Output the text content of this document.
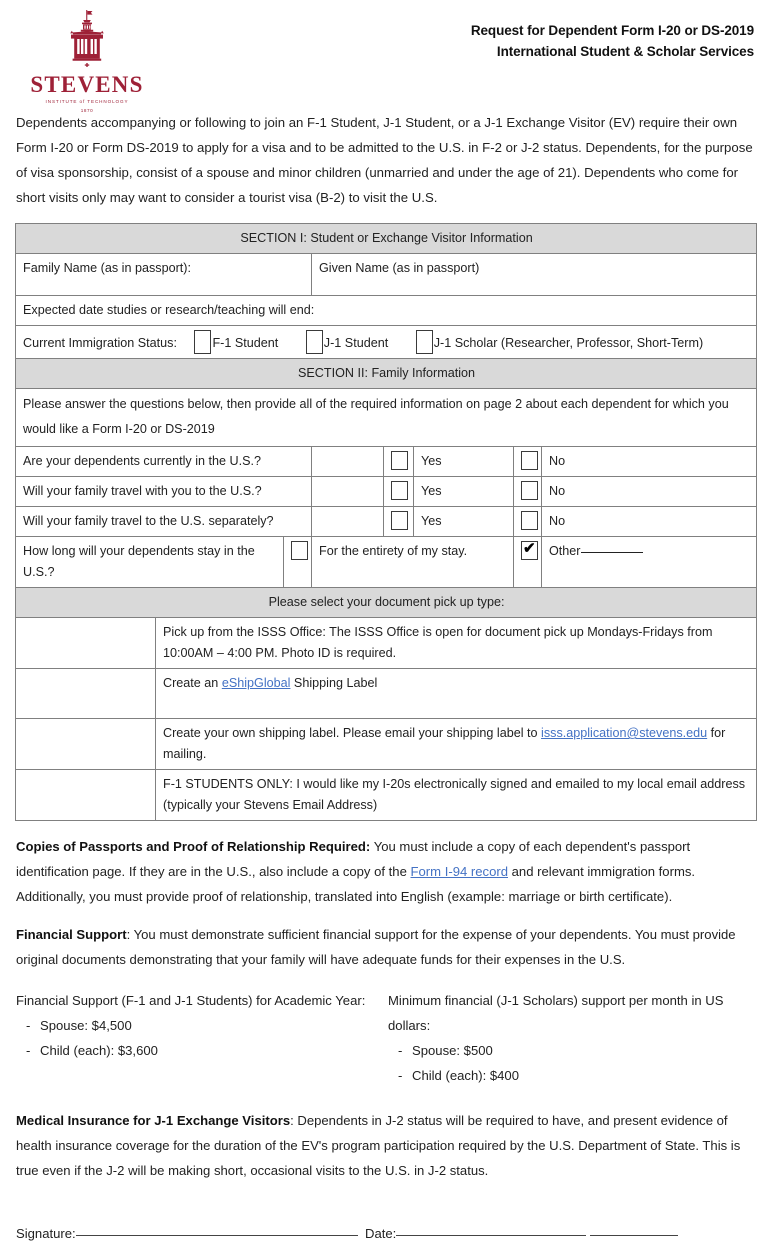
STEVENS
INSTITUTE of TECHNOLOGY
1870
Request for Dependent Form I-20 or DS-2019
International Student & Scholar Services
Dependents accompanying or following to join an F-1 Student, J-1 Student, or a J-1 Exchange Visitor (EV) require their own Form I-20 or Form DS-2019 to apply for a visa and to be admitted to the U.S. in F-2 or J-2 status. Dependents, for the purpose of visa sponsorship, consist of a spouse and minor children (unmarried and under the age of 21). Dependents who come for short visits only may want to consider a tourist visa (B-2) to visit the U.S.
SECTION I: Student or Exchange Visitor Information							
Family Name (as in passport):			Given Name (as in passport)				
Expected date studies or research/teaching will end:							
Current Immigration Status: F-1 Student J-1 Student J-1 Scholar (Researcher, Professor, Short-Term)							
SECTION II: Family Information							
Please answer the questions below, then provide all of the required information on page 2 about each dependent for which you would like a Form I-20 or DS-2019							
Are your dependents currently in the U.S.?					Yes		No
Will your family travel with you to the U.S.?					Yes		No
Will your family travel to the U.S. separately?					Yes		No
How long will your dependents stay in the U.S.?			For the entirety of my stay.	✔			Other
Please select your document pick up type:							
	Pick up from the ISSS Office: The ISSS Office is open for document pick up Mondays-Fridays from 10:00AM – 4:00 PM. Photo ID is required.						
	Create an eShipGlobal Shipping Label						
	Create your own shipping label. Please email your shipping label to isss.application@stevens.edu for mailing.						
	F-1 STUDENTS ONLY: I would like my I-20s electronically signed and emailed to my local email address (typically your Stevens Email Address)						
Copies of Passports and Proof of Relationship Required: You must include a copy of each dependent's passport identification page. If they are in the U.S., also include a copy of the Form I-94 record and relevant immigration forms. Additionally, you must provide proof of relationship, translated into English (example: marriage or birth certificate).
Financial Support: You must demonstrate sufficient financial support for the expense of your dependents. You must provide original documents demonstrating that your family will have adequate funds for their expenses in the U.S.
Financial Support (F-1 and J-1 Students) for Academic Year:
- Spouse: $4,500
- Child (each): $3,600
Minimum financial (J-1 Scholars) support per month in US dollars:
- Spouse: $500
- Child (each): $400
Medical Insurance for J-1 Exchange Visitors: Dependents in J-2 status will be required to have, and present evidence of health insurance coverage for the duration of the EV's program participation required by the U.S. Department of State. This is true even if the J-2 will be making short, occasional visits to the U.S. in J-2 status.
Signature:	Date:
